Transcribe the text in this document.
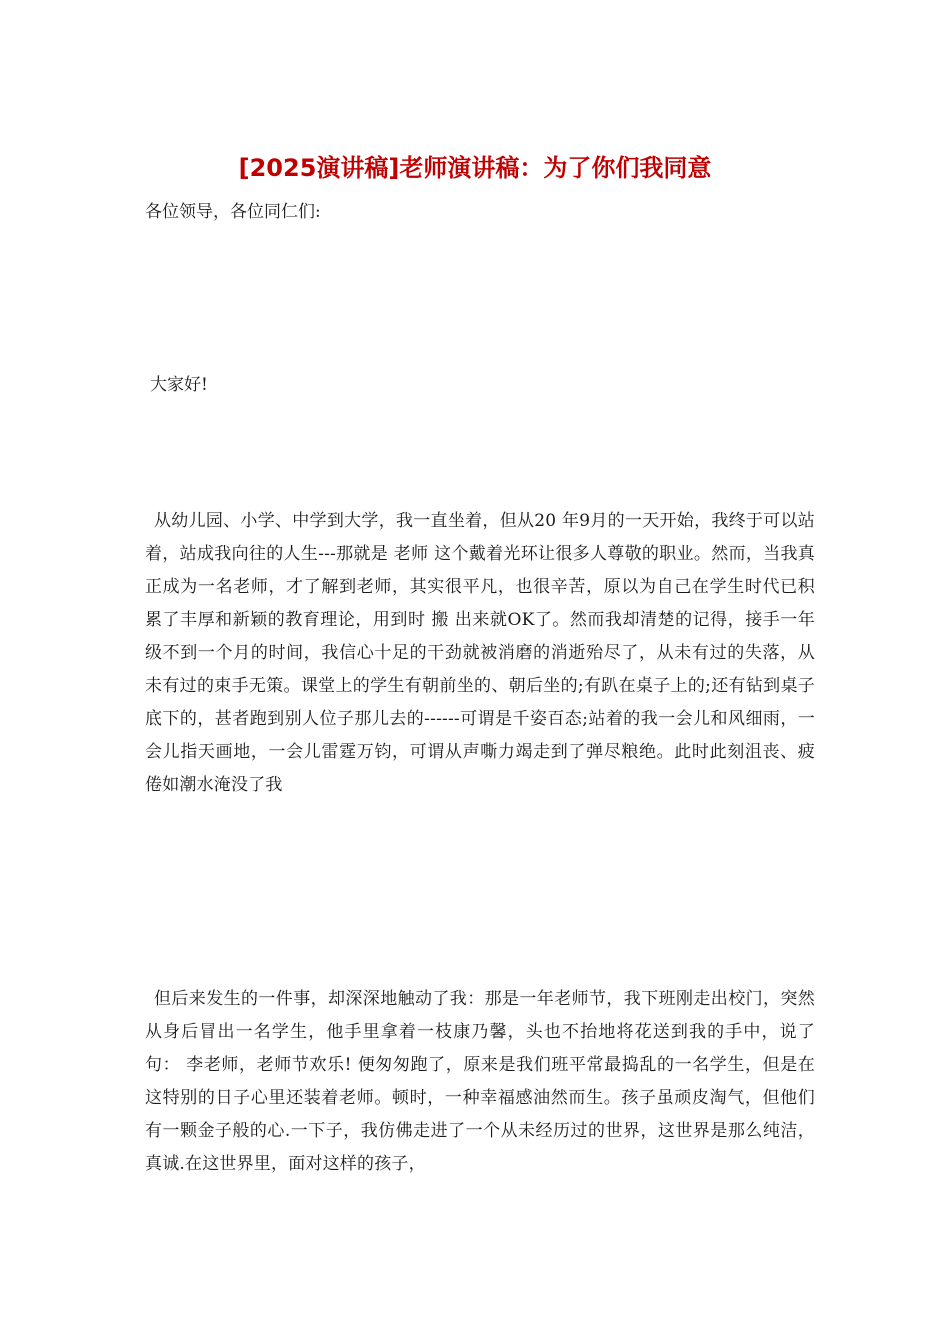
[2025演讲稿]老师演讲稿：为了你们我同意

各位领导，各位同仁们:

大家好!

从幼儿园、小学、中学到大学，我一直坐着，但从20 年9月的一天开始，我终于可以站着，站成我向往的人生---那就是 老师 这个戴着光环让很多人尊敬的职业。然而，当我真正成为一名老师，才了解到老师，其实很平凡，也很辛苦，原以为自己在学生时代已积累了丰厚和新颖的教育理论，用到时 搬 出来就OK了。然而我却清楚的记得，接手一年级不到一个月的时间，我信心十足的干劲就被消磨的消逝殆尽了，从未有过的失落，从未有过的束手无策。课堂上的学生有朝前坐的、朝后坐的;有趴在桌子上的;还有钻到桌子底下的，甚者跑到别人位子那儿去的------可谓是千姿百态;站着的我一会儿和风细雨，一会儿指天画地，一会儿雷霆万钧，可谓从声嘶力竭走到了弹尽粮绝。此时此刻沮丧、疲倦如潮水淹没了我

但后来发生的一件事，却深深地触动了我：那是一年老师节，我下班刚走出校门，突然从身后冒出一名学生，他手里拿着一枝康乃馨，头也不抬地将花送到我的手中，说了句： 李老师，老师节欢乐! 便匆匆跑了，原来是我们班平常最捣乱的一名学生，但是在这特别的日子心里还装着老师。顿时，一种幸福感油然而生。孩子虽顽皮淘气，但他们有一颗金子般的心.一下子，我仿佛走进了一个从未经历过的世界，这世界是那么纯洁，真诚.在这世界里，面对这样的孩子，
